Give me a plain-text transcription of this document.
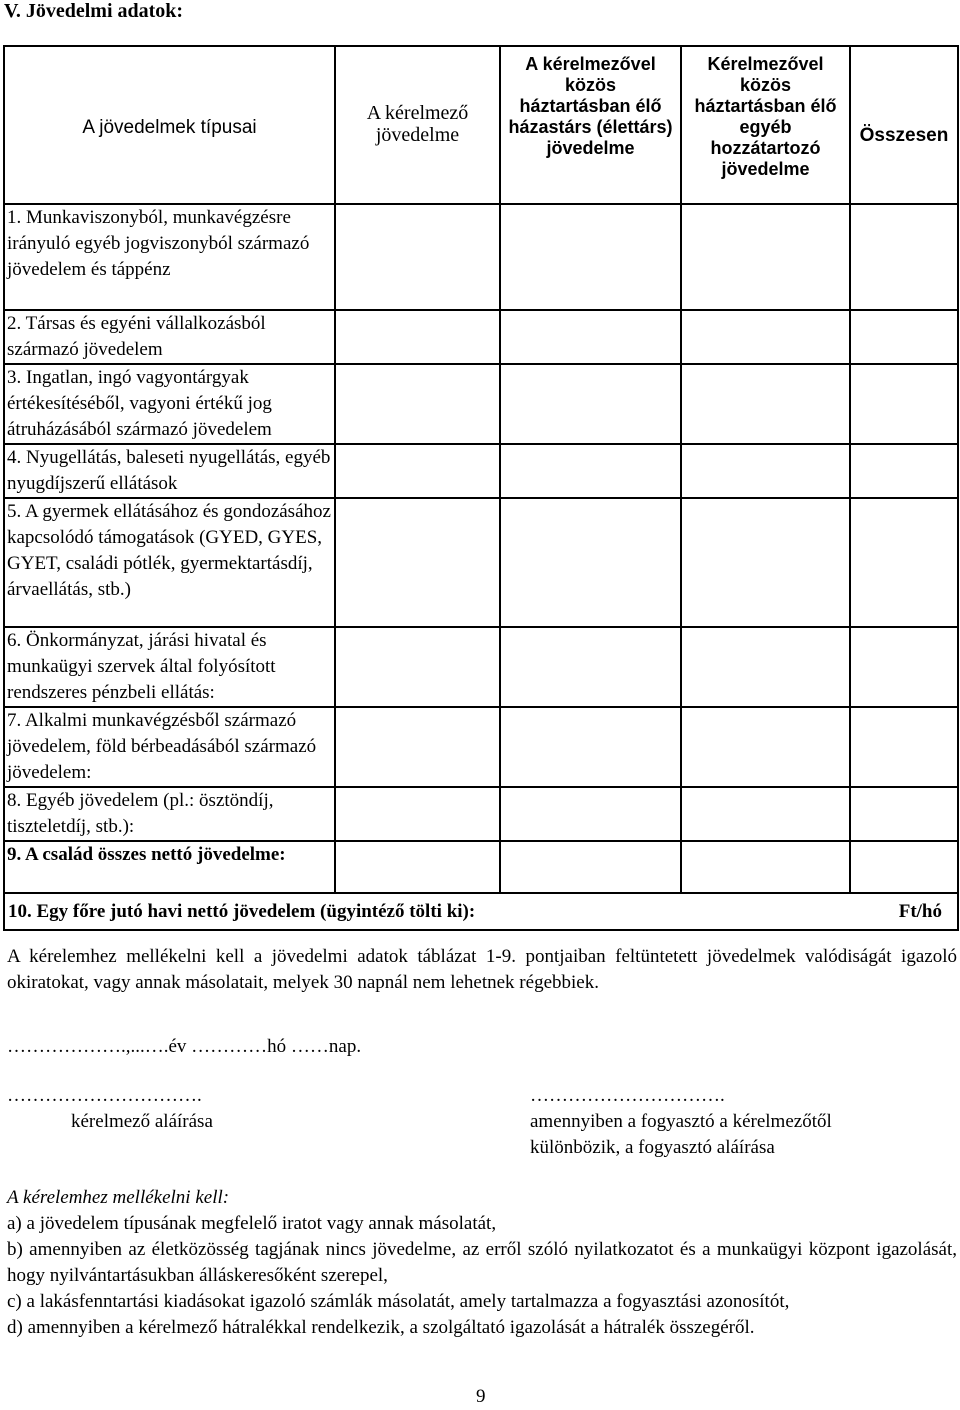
V. Jövedelmi adatok:
A jövedelmek típusai	A kérelmező jövedelme	A kérelmezővel közös háztartásban élő házastárs (élettárs) jövedelme	Kérelmezővel közös háztartásban élő egyéb hozzátartozó jövedelme	Összesen
1. Munkaviszonyból, munkavégzésre irányuló egyéb jogviszonyból származó jövedelem és táppénz				
2. Társas és egyéni vállalkozásból származó jövedelem				
3. Ingatlan, ingó vagyontárgyak értékesítéséből, vagyoni értékű jog átruházásából származó jövedelem				
4. Nyugellátás, baleseti nyugellátás, egyéb nyugdíjszerű ellátások				
5. A gyermek ellátásához és gondozásához kapcsolódó támogatások (GYED, GYES, GYET, családi pótlék, gyermektartásdíj, árvaellátás, stb.)				
6. Önkormányzat, járási hivatal és munkaügyi szervek által folyósított rendszeres pénzbeli ellátás:				
7. Alkalmi munkavégzésből származó jövedelem, föld bérbeadásából származó jövedelem:				
8. Egyéb jövedelem (pl.: ösztöndíj, tiszteletdíj, stb.):				
9. A család összes nettó jövedelme:				

10. Egy főre jutó havi nettó jövedelem (ügyintéző tölti ki): Ft/hó				
A kérelemhez mellékelni kell a jövedelmi adatok táblázat 1-9. pontjaiban feltüntetett jövedelmek valódiságát igazoló okiratokat, vagy annak másolatait, melyek 30 napnál nem lehetnek régebbiek.
……………….,...….év …………hó ……nap.
………………………….
kérelmező aláírása
………………………….
amennyiben a fogyasztó a kérelmezőtől
különbözik, a fogyasztó aláírása
A kérelemhez mellékelni kell:
a) a jövedelem típusának megfelelő iratot vagy annak másolatát,
b) amennyiben az életközösség tagjának nincs jövedelme, az erről szóló nyilatkozatot és a munkaügyi központ igazolását, hogy nyilvántartásukban álláskeresőként szerepel,
c) a lakásfenntartási kiadásokat igazoló számlák másolatát, amely tartalmazza a fogyasztási azonosítót,
d) amennyiben a kérelmező hátralékkal rendelkezik, a szolgáltató igazolását a hátralék összegéről.
9
